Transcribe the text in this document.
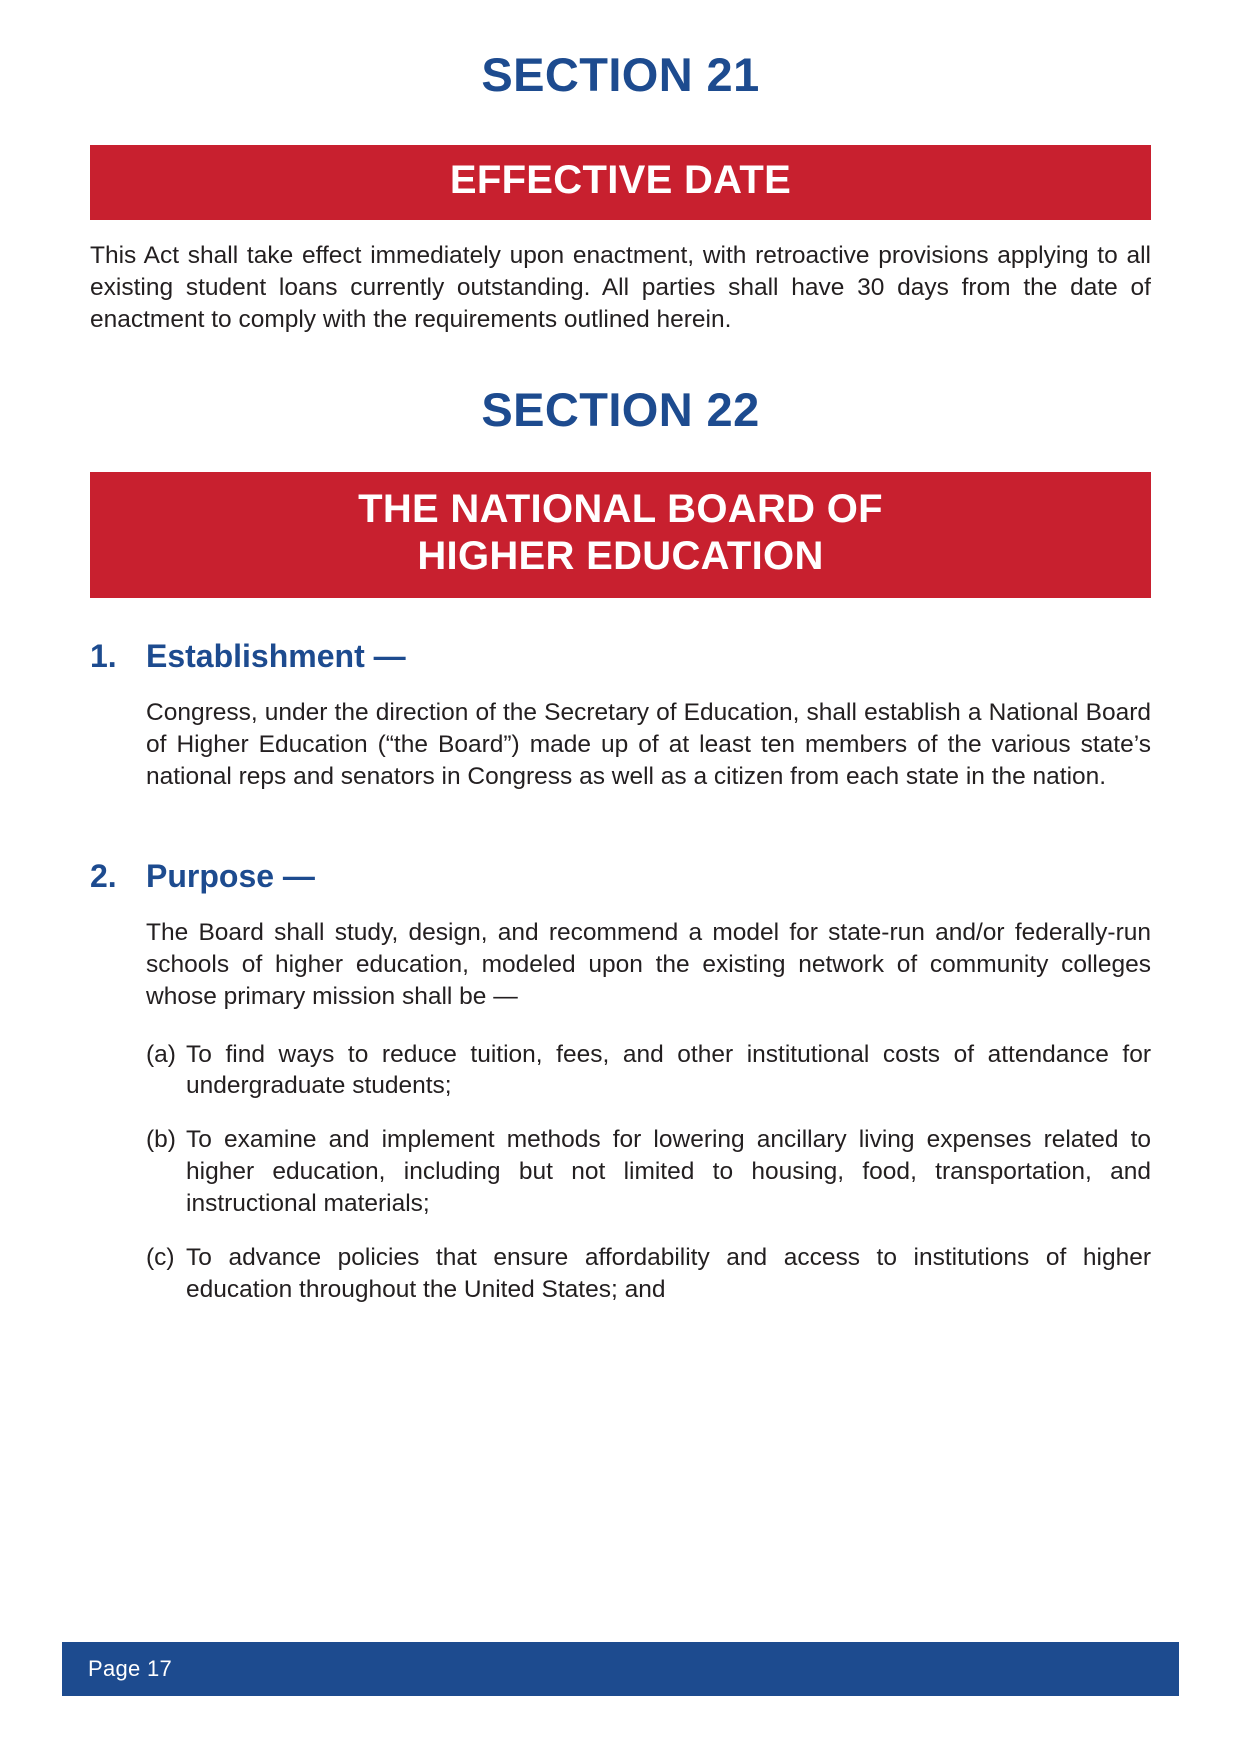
SECTION 21
EFFECTIVE DATE

This Act shall take effect immediately upon enactment, with retroactive provisions applying to all existing student loans currently outstanding. All parties shall have 30 days from the date of enactment to comply with the requirements outlined herein.

SECTION 22
THE NATIONAL BOARD OF
HIGHER EDUCATION
1. Establishment —

Congress, under the direction of the Secretary of Education, shall establish a National Board of Higher Education (“the Board”) made up of at least ten members of the various state’s national reps and senators in Congress as well as a citizen from each state in the nation.

2. Purpose —

The Board shall study, design, and recommend a model for state-run and/or federally-run schools of higher education, modeled upon the existing network of community colleges whose primary mission shall be —

(a) To find ways to reduce tuition, fees, and other institutional costs of attendance for undergraduate students;
(b) To examine and implement methods for lowering ancillary living expenses related to higher education, including but not limited to housing, food, transportation, and instructional materials;
(c) To advance policies that ensure affordability and access to institutions of higher education throughout the United States; and
Page 17
